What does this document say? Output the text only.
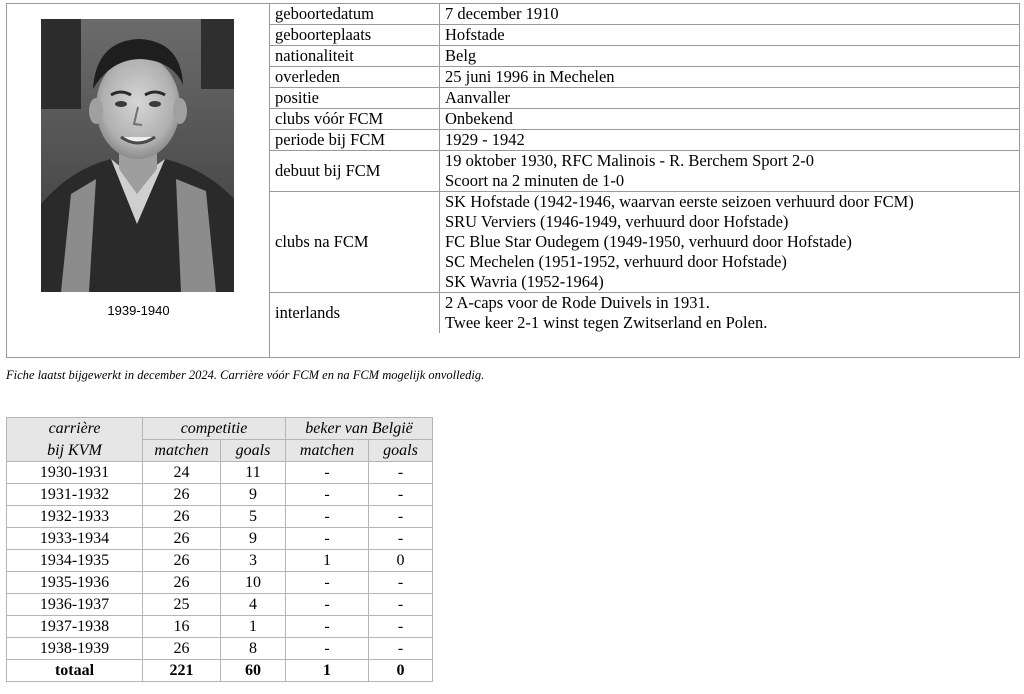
1939-1940
geboortedatum	7 december 1910

geboorteplaats	Hofstade

nationaliteit	Belg

overleden	25 juni 1996 in Mechelen

positie	Aanvaller

clubs vóór FCM	Onbekend

periode bij FCM	1929 - 1942

debuut bij FCM	19 oktober 1930, RFC Malinois - R. Berchem Sport 2-0
Scoort na 2 minuten de 1-0

clubs na FCM	SK Hofstade (1942-1946, waarvan eerste seizoen verhuurd door FCM)
SRU Verviers (1946-1949, verhuurd door Hofstade)
FC Blue Star Oudegem (1949-1950, verhuurd door Hofstade)
SC Mechelen (1951-1952, verhuurd door Hofstade)
SK Wavria (1952-1964)

interlands	2 A-caps voor de Rode Duivels in 1931.
Twee keer 2-1 winst tegen Zwitserland en Polen.
Fiche laatst bijgewerkt in december 2024. Carrière vóór FCM en na FCM mogelijk onvolledig.
carrière	competitie		beker van België	
bij KVM	matchen	goals	matchen	goals
1930-1931	24	11	-	-
1931-1932	26	9	-	-
1932-1933	26	5	-	-
1933-1934	26	9	-	-
1934-1935	26	3	1	0
1935-1936	26	10	-	-
1936-1937	25	4	-	-
1937-1938	16	1	-	-
1938-1939	26	8	-	-
totaal	221	60	1	0
